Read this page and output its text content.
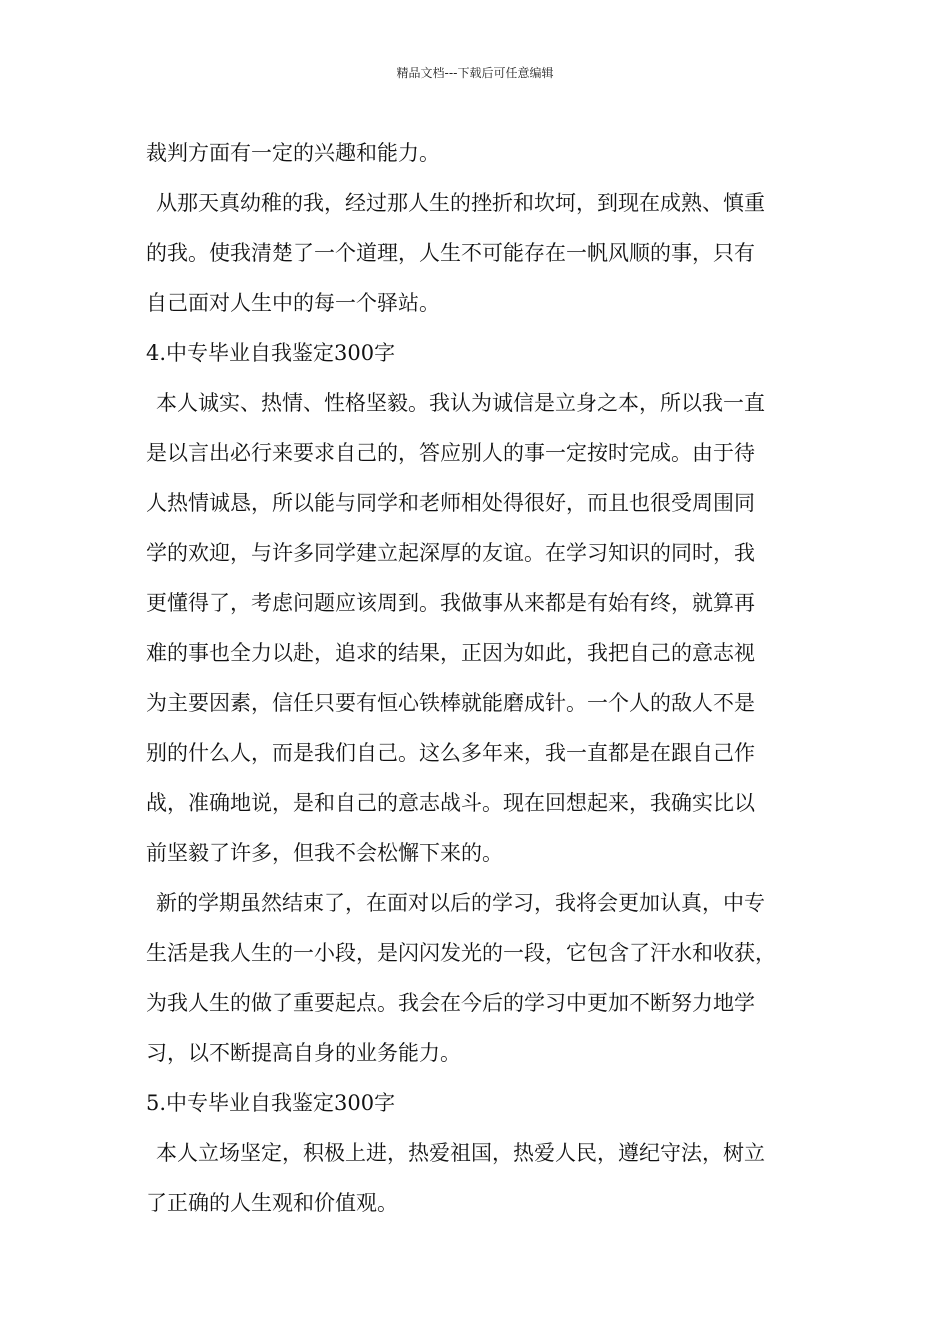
精品文档---下载后可任意编辑
裁判方面有一定的兴趣和能力。
从那天真幼稚的我，经过那人生的挫折和坎坷，到现在成熟、慎重
的我。使我清楚了一个道理，人生不可能存在一帆风顺的事，只有
自己面对人生中的每一个驿站。
4.中专毕业自我鉴定300字
本人诚实、热情、性格坚毅。我认为诚信是立身之本，所以我一直
是以言出必行来要求自己的，答应别人的事一定按时完成。由于待
人热情诚恳，所以能与同学和老师相处得很好，而且也很受周围同
学的欢迎，与许多同学建立起深厚的友谊。在学习知识的同时，我
更懂得了，考虑问题应该周到。我做事从来都是有始有终，就算再
难的事也全力以赴，追求的结果，正因为如此，我把自己的意志视
为主要因素，信任只要有恒心铁棒就能磨成针。一个人的敌人不是
别的什么人，而是我们自己。这么多年来，我一直都是在跟自己作
战，准确地说，是和自己的意志战斗。现在回想起来，我确实比以
前坚毅了许多，但我不会松懈下来的。
新的学期虽然结束了，在面对以后的学习，我将会更加认真，中专
生活是我人生的一小段，是闪闪发光的一段，它包含了汗水和收获，
为我人生的做了重要起点。我会在今后的学习中更加不断努力地学
习，以不断提高自身的业务能力。
5.中专毕业自我鉴定300字
本人立场坚定，积极上进，热爱祖国，热爱人民，遵纪守法，树立
了正确的人生观和价值观。
